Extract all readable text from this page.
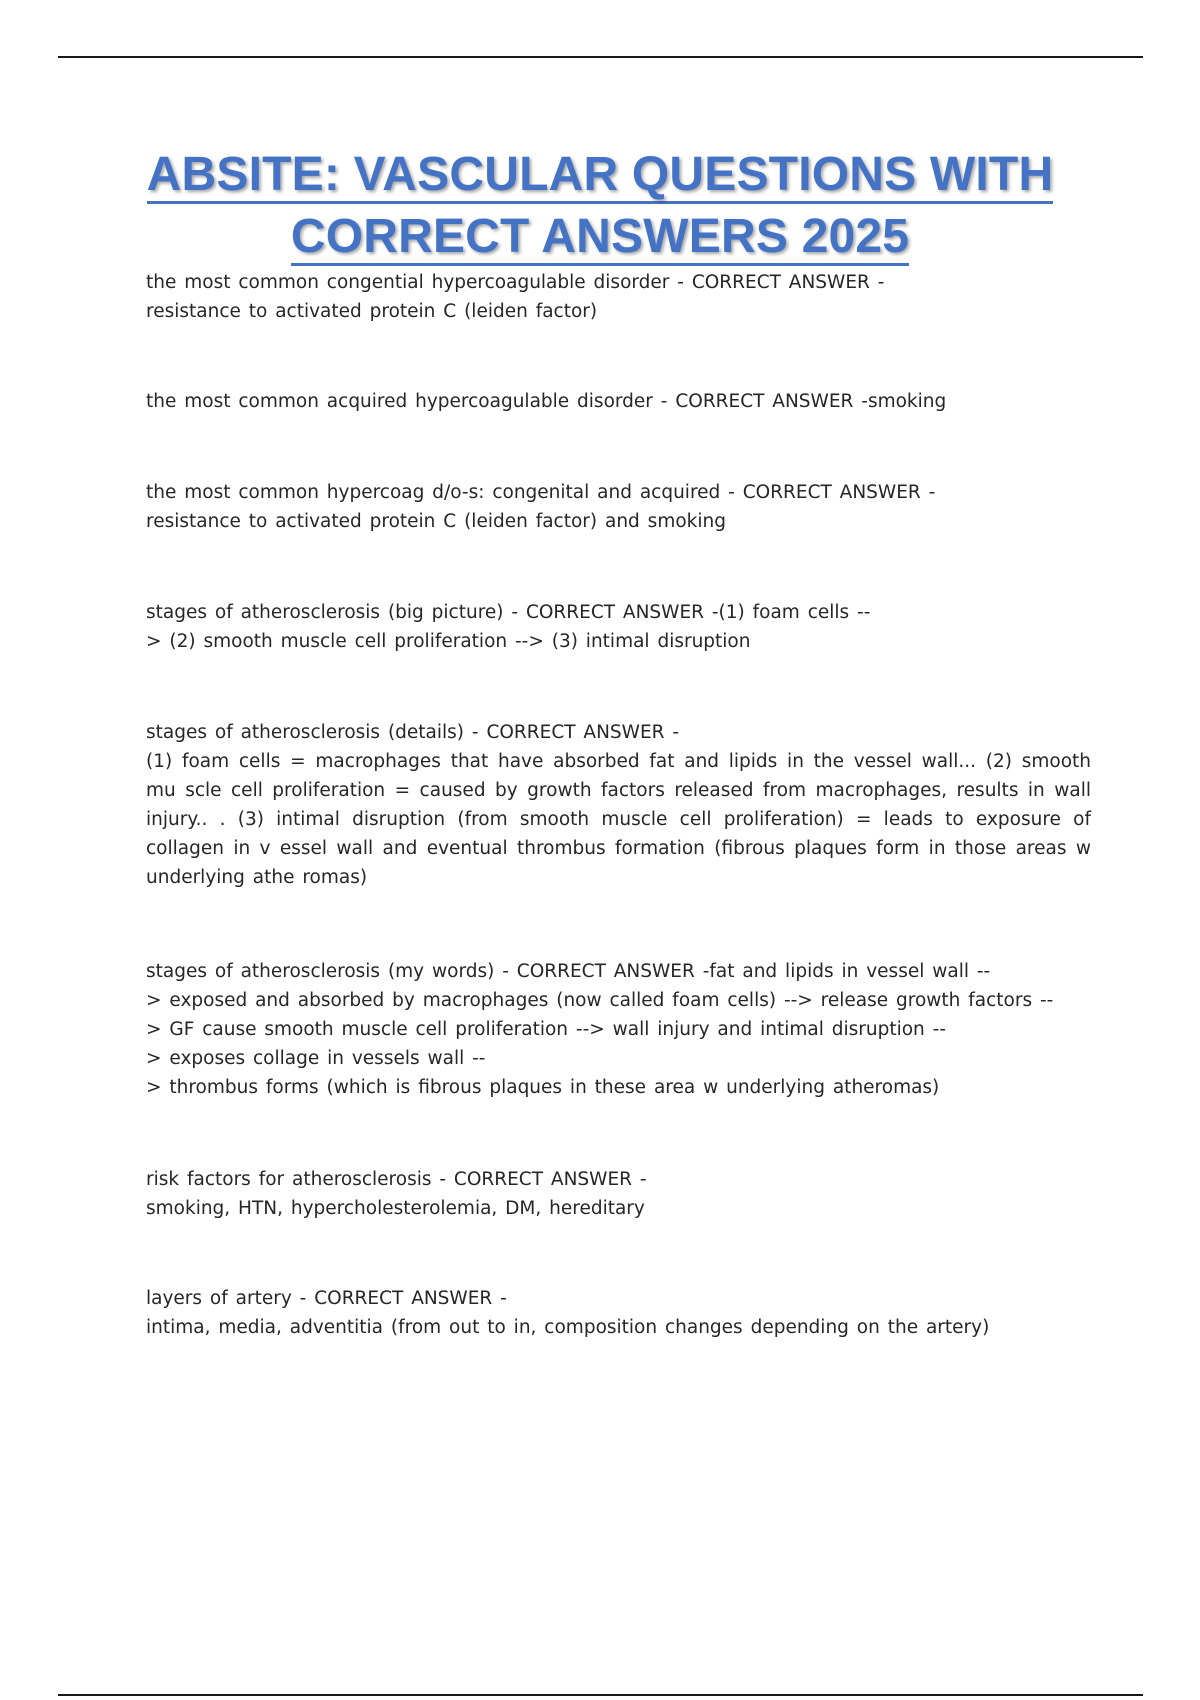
ABSITE: VASCULAR QUESTIONS WITH
CORRECT ANSWERS 2025

the most common congential hypercoagulable disorder - CORRECT ANSWER -
resistance to activated protein C (leiden factor)

the most common acquired hypercoagulable disorder - CORRECT ANSWER -smoking

the most common hypercoag d/o-s: congenital and acquired - CORRECT ANSWER -
resistance to activated protein C (leiden factor) and smoking

stages of atherosclerosis (big picture) - CORRECT ANSWER -(1) foam cells --
> (2) smooth muscle cell proliferation --> (3) intimal disruption

stages of atherosclerosis (details) - CORRECT ANSWER -
(1) foam cells = macrophages that have absorbed fat and lipids in the vessel wall... (2) smooth mu scle cell proliferation = caused by growth factors released from macrophages, results in wall injury.. . (3) intimal disruption (from smooth muscle cell proliferation) = leads to exposure of collagen in v essel wall and eventual thrombus formation (fibrous plaques form in those areas w underlying athe romas)

stages of atherosclerosis (my words) - CORRECT ANSWER -fat and lipids in vessel wall --
> exposed and absorbed by macrophages (now called foam cells) --> release growth factors --
> GF cause smooth muscle cell proliferation --> wall injury and intimal disruption --
> exposes collage in vessels wall --
> thrombus forms (which is fibrous plaques in these area w underlying atheromas)

risk factors for atherosclerosis - CORRECT ANSWER -
smoking, HTN, hypercholesterolemia, DM, hereditary

layers of artery - CORRECT ANSWER -
intima, media, adventitia (from out to in, composition changes depending on the artery)
